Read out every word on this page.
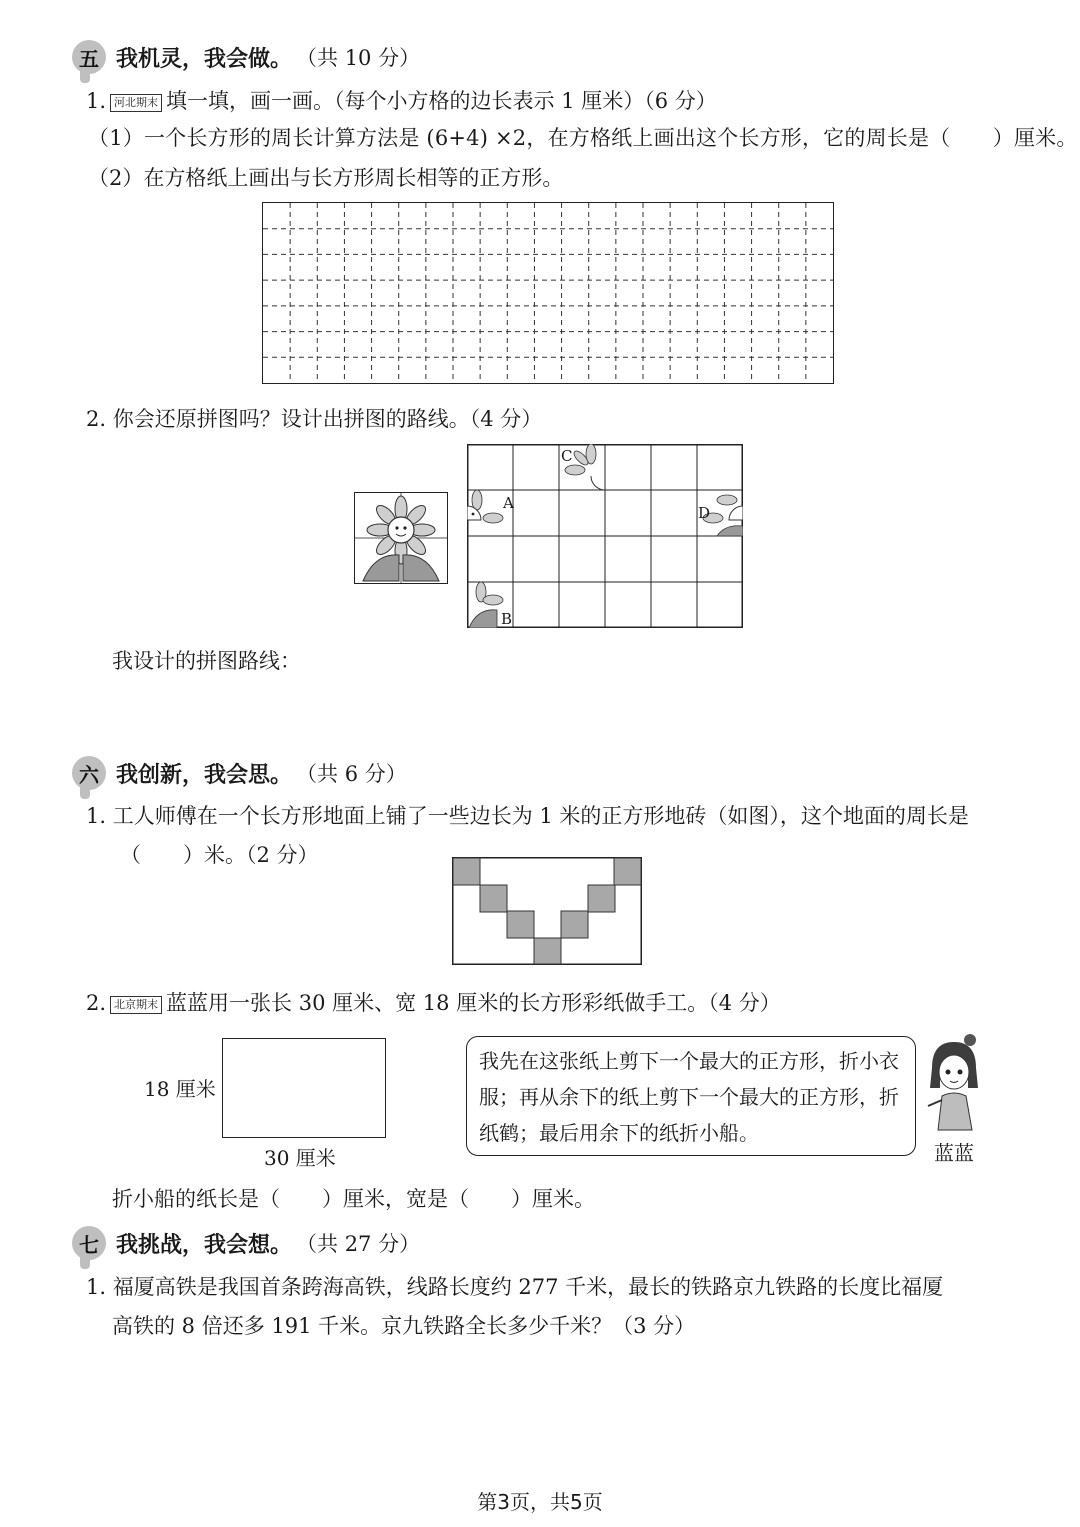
五 我机灵，我会做。 （共 10 分）
1. 河北期末 填一填，画一画。（每个小方格的边长表示 1 厘米）（6 分）
（1）一个长方形的周长计算方法是 (6+4) ×2，在方格纸上画出这个长方形，它的周长是（　　）厘米。
（2）在方格纸上画出与长方形周长相等的正方形。
2. 你会还原拼图吗？设计出拼图的路线。（4 分）
A
B
C
D
我设计的拼图路线：
六 我创新，我会思。 （共 6 分）
1. 工人师傅在一个长方形地面上铺了一些边长为 1 米的正方形地砖（如图），这个地面的周长是
（　　）米。（2 分）
2. 北京期末 蓝蓝用一张长 30 厘米、宽 18 厘米的长方形彩纸做手工。（4 分）
18 厘米
30 厘米
我先在这张纸上剪下一个最大的正方形，折小衣服；再从余下的纸上剪下一个最大的正方形，折纸鹤；最后用余下的纸折小船。
蓝蓝
折小船的纸长是（　　）厘米，宽是（　　）厘米。
七 我挑战，我会想。 （共 27 分）
1. 福厦高铁是我国首条跨海高铁，线路长度约 277 千米，最长的铁路京九铁路的长度比福厦
高铁的 8 倍还多 191 千米。京九铁路全长多少千米？（3 分）
第3页，共5页
